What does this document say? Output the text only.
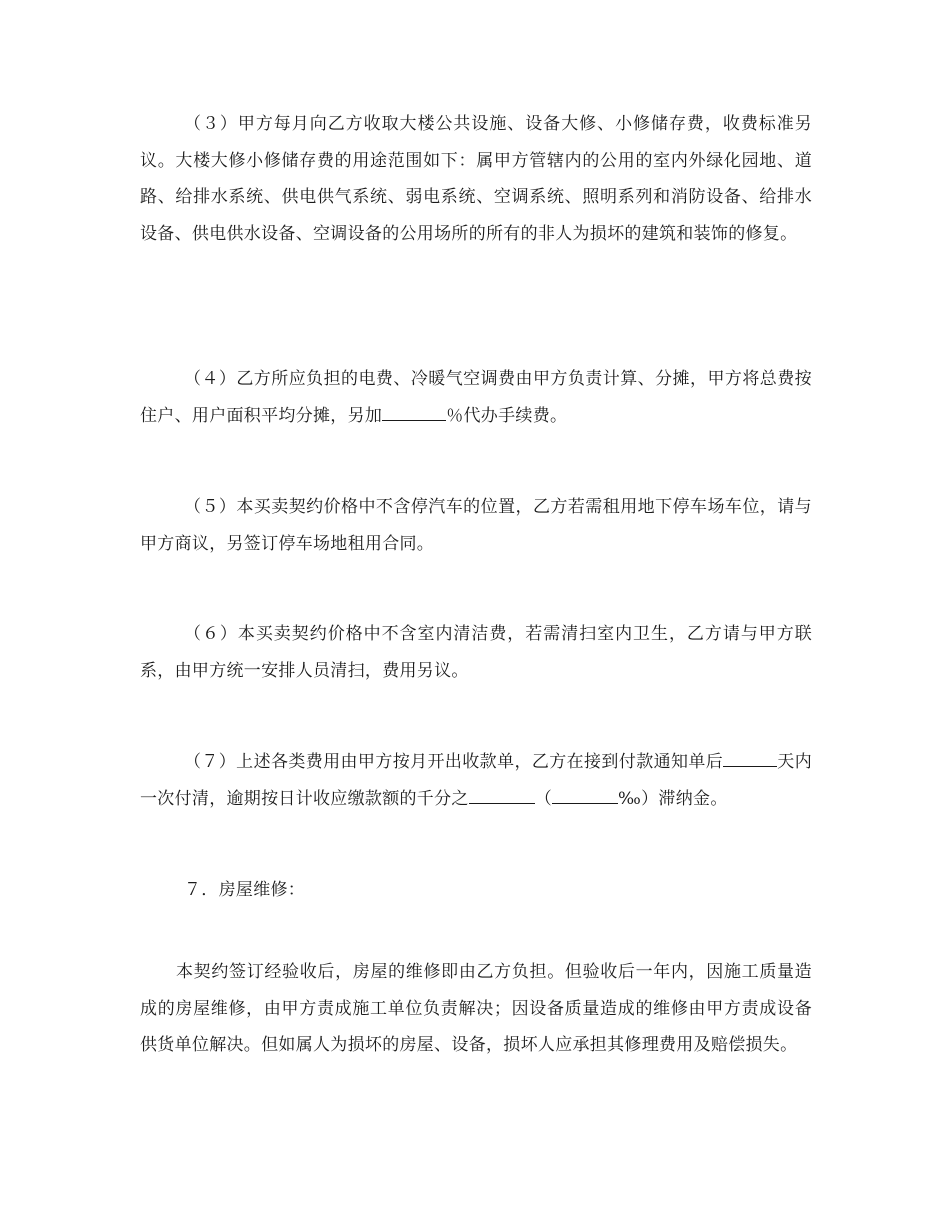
（３）甲方每月向乙方收取大楼公共设施、设备大修、小修储存费，收费标准另议。大楼大修小修储存费的用途范围如下：属甲方管辖内的公用的室内外绿化园地、道路、给排水系统、供电供气系统、弱电系统、空调系统、照明系列和消防设备、给排水设备、供电供水设备、空调设备的公用场所的所有的非人为损坏的建筑和装饰的修复。

（４）乙方所应负担的电费、冷暖气空调费由甲方负责计算、分摊，甲方将总费按住户、用户面积平均分摊，另加	％代办手续费。

（５）本买卖契约价格中不含停汽车的位置，乙方若需租用地下停车场车位，请与甲方商议，另签订停车场地租用合同。

（６）本买卖契约价格中不含室内清洁费，若需清扫室内卫生，乙方请与甲方联系，由甲方统一安排人员清扫，费用另议。

（７）上述各类费用由甲方按月开出收款单，乙方在接到付款通知单后	天内一次付清，逾期按日计收应缴款额的千分之	（	‰）滞纳金。

７．房屋维修：

本契约签订经验收后，房屋的维修即由乙方负担。但验收后一年内，因施工质量造成的房屋维修，由甲方责成施工单位负责解决；因设备质量造成的维修由甲方责成设备供货单位解决。但如属人为损坏的房屋、设备，损坏人应承担其修理费用及赔偿损失。
